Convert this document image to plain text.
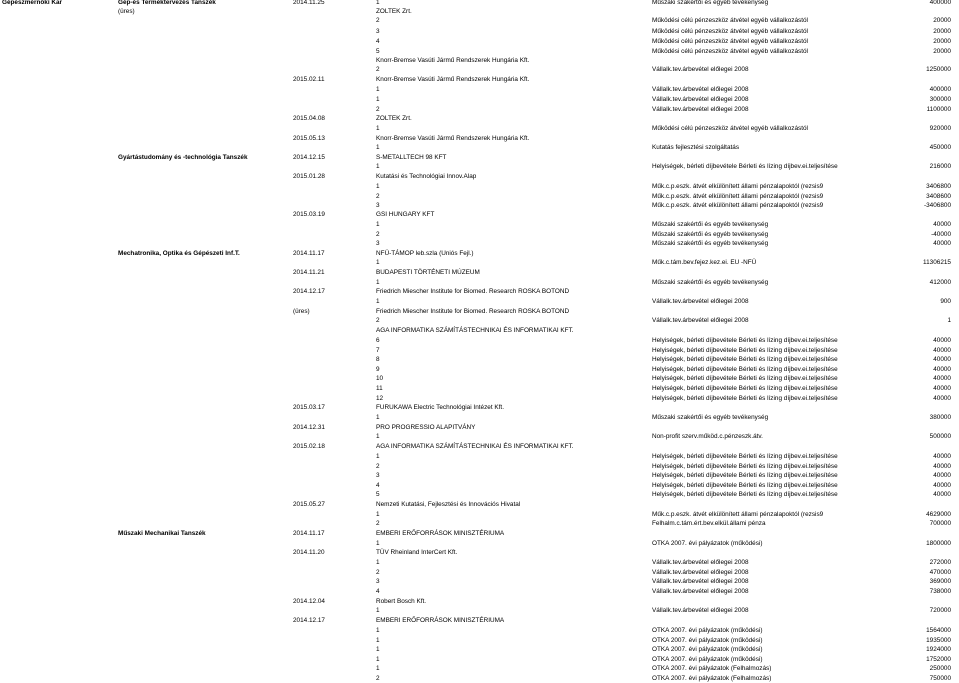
Gépészmérnöki Kar	Gép-és Terméktervezés Tanszék	2014.11.25	1	Műszaki szakértői és egyéb tevékenység	400000
(üres)	ZOLTEK Zrt.
2	Működési célú pénzeszköz átvétel egyéb vállalkozástól	20000
3	Működési célú pénzeszköz átvétel egyéb vállalkozástól	20000
4	Működési célú pénzeszköz átvétel egyéb vállalkozástól	20000
5	Működési célú pénzeszköz átvétel egyéb vállalkozástól	20000
Knorr-Bremse Vasúti Jármű Rendszerek Hungária Kft.
2	Vállalk.tev.árbevétel előlegei 2008	1250000
2015.02.11	Knorr-Bremse Vasúti Jármű Rendszerek Hungária Kft.
1	Vállalk.tev.árbevétel előlegei 2008	400000
1	Vállalk.tev.árbevétel előlegei 2008	300000
2	Vállalk.tev.árbevétel előlegei 2008	1100000
2015.04.08	ZOLTEK Zrt.
1	Működési célú pénzeszköz átvétel egyéb vállalkozástól	920000
2015.05.13	Knorr-Bremse Vasúti Jármű Rendszerek Hungária Kft.
1	Kutatás fejlesztési szolgáltatás	450000
Gyártástudomány és -technológia Tanszék	2014.12.15	S-METALLTECH 98 KFT
1	Helyiségek, bérleti díjbevétele Bérleti és lízing díjbev.ei.teljesítése	216000
2015.01.28	Kutatási és Technológiai Innov.Alap
1	Műk.c.p.eszk. átvét elkülönített állami pénzalapoktól (rezsis9	3406800
2	Műk.c.p.eszk. átvét elkülönített állami pénzalapoktól (rezsis9	3408600
3	Műk.c.p.eszk. átvét elkülönített állami pénzalapoktól (rezsis9	-3406800
2015.03.19	GSI HUNGARY KFT
1	Műszaki szakértői és egyéb tevékenység	40000
2	Műszaki szakértői és egyéb tevékenység	-40000
3	Műszaki szakértői és egyéb tevékenység	40000
Mechatronika, Optika és Gépészeti Inf.T.	2014.11.17	NFÜ-TÁMOP leb.szla (Uniós Fejl.)
1	Műk.c.tám.bev.fejez.kez.ei. EU -NFÜ	11306215
2014.11.21	BUDAPESTI TÖRTÉNETI MÚZEUM
1	Műszaki szakértői és egyéb tevékenység	412000
2014.12.17	Friedrich Miescher Institute for Biomed. Research ROSKA BOTOND
1	Vállalk.tev.árbevétel előlegei 2008	900
(üres)	Friedrich Miescher Institute for Biomed. Research ROSKA BOTOND
2	Vállalk.tev.árbevétel előlegei 2008	1
AGA INFORMATIKA SZÁMÍTÁSTECHNIKAI ÉS INFORMATIKAI KFT.
6	Helyiségek, bérleti díjbevétele Bérleti és lízing díjbev.ei.teljesítése	40000
7	Helyiségek, bérleti díjbevétele Bérleti és lízing díjbev.ei.teljesítése	40000
8	Helyiségek, bérleti díjbevétele Bérleti és lízing díjbev.ei.teljesítése	40000
9	Helyiségek, bérleti díjbevétele Bérleti és lízing díjbev.ei.teljesítése	40000
10	Helyiségek, bérleti díjbevétele Bérleti és lízing díjbev.ei.teljesítése	40000
11	Helyiségek, bérleti díjbevétele Bérleti és lízing díjbev.ei.teljesítése	40000
12	Helyiségek, bérleti díjbevétele Bérleti és lízing díjbev.ei.teljesítése	40000
2015.03.17	FURUKAWA Electric Technológiai Intézet Kft.
1	Műszaki szakértői és egyéb tevékenység	380000
2014.12.31	PRO PROGRESSIO ALAPITVÁNY
1	Non-profit szerv.működ.c.pénzeszk.átv.	500000
2015.02.18	AGA INFORMATIKA SZÁMÍTÁSTECHNIKAI ÉS INFORMATIKAI KFT.
1	Helyiségek, bérleti díjbevétele Bérleti és lízing díjbev.ei.teljesítése	40000
2	Helyiségek, bérleti díjbevétele Bérleti és lízing díjbev.ei.teljesítése	40000
3	Helyiségek, bérleti díjbevétele Bérleti és lízing díjbev.ei.teljesítése	40000
4	Helyiségek, bérleti díjbevétele Bérleti és lízing díjbev.ei.teljesítése	40000
5	Helyiségek, bérleti díjbevétele Bérleti és lízing díjbev.ei.teljesítése	40000
2015.05.27	Nemzeti Kutatási, Fejlesztési és Innovációs Hivatal
1	Műk.c.p.eszk. átvét elkülönített állami pénzalapoktól (rezsis9	4629000
2	Felhalm.c.tám.ért.bev.elkül.állami pénza	700000
Műszaki Mechanikai Tanszék	2014.11.17	EMBERI ERŐFORRÁSOK MINISZTÉRIUMA
1	OTKA 2007. évi pályázatok (működési)	1800000
2014.11.20	TÜV Rheinland InterCert Kft.
1	Vállalk.tev.árbevétel előlegei 2008	272000
2	Vállalk.tev.árbevétel előlegei 2008	470000
3	Vállalk.tev.árbevétel előlegei 2008	369000
4	Vállalk.tev.árbevétel előlegei 2008	738000
2014.12.04	Robert Bosch Kft.
1	Vállalk.tev.árbevétel előlegei 2008	720000
2014.12.17	EMBERI ERŐFORRÁSOK MINISZTÉRIUMA
1	OTKA 2007. évi pályázatok (működési)	1564000
1	OTKA 2007. évi pályázatok (működési)	1935000
1	OTKA 2007. évi pályázatok (működési)	1924000
1	OTKA 2007. évi pályázatok (működési)	1752000
1	OTKA 2007. évi pályázatok (Felhalmozás)	250000
2	OTKA 2007. évi pályázatok (Felhalmozás)	750000
